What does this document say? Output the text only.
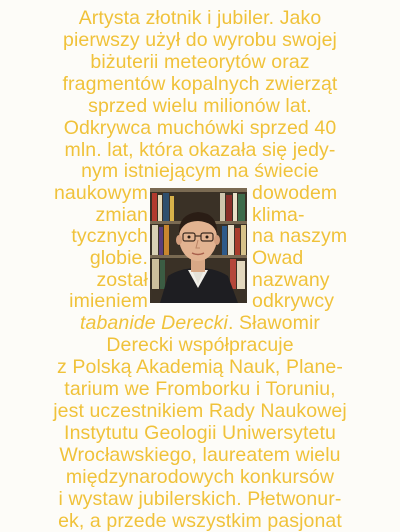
Artysta złotnik i jubiler. Jako
pierwszy użył do wyrobu swojej
biżuterii meteorytów oraz
fragmentów kopalnych zwierząt
sprzed wielu milionów lat.
Odkrywca muchówki sprzed 40
mln. lat, która okazała się jedy-
nym istniejącym na świecie
naukowym	dowodem
zmian	klima-
tycznych	na naszym
globie.	Owad
został	nazwany
imieniem	odkrywcy
tabanide Derecki. Sławomir
Derecki współpracuje
z Polską Akademią Nauk, Plane-
tarium we Fromborku i Toruniu,
jest uczestnikiem Rady Naukowej
Instytutu Geologii Uniwersytetu
Wrocławskiego, laureatem wielu
międzynarodowych konkursów
i wystaw jubilerskich. Płetwonur-
ek, a przede wszystkim pasjonat
